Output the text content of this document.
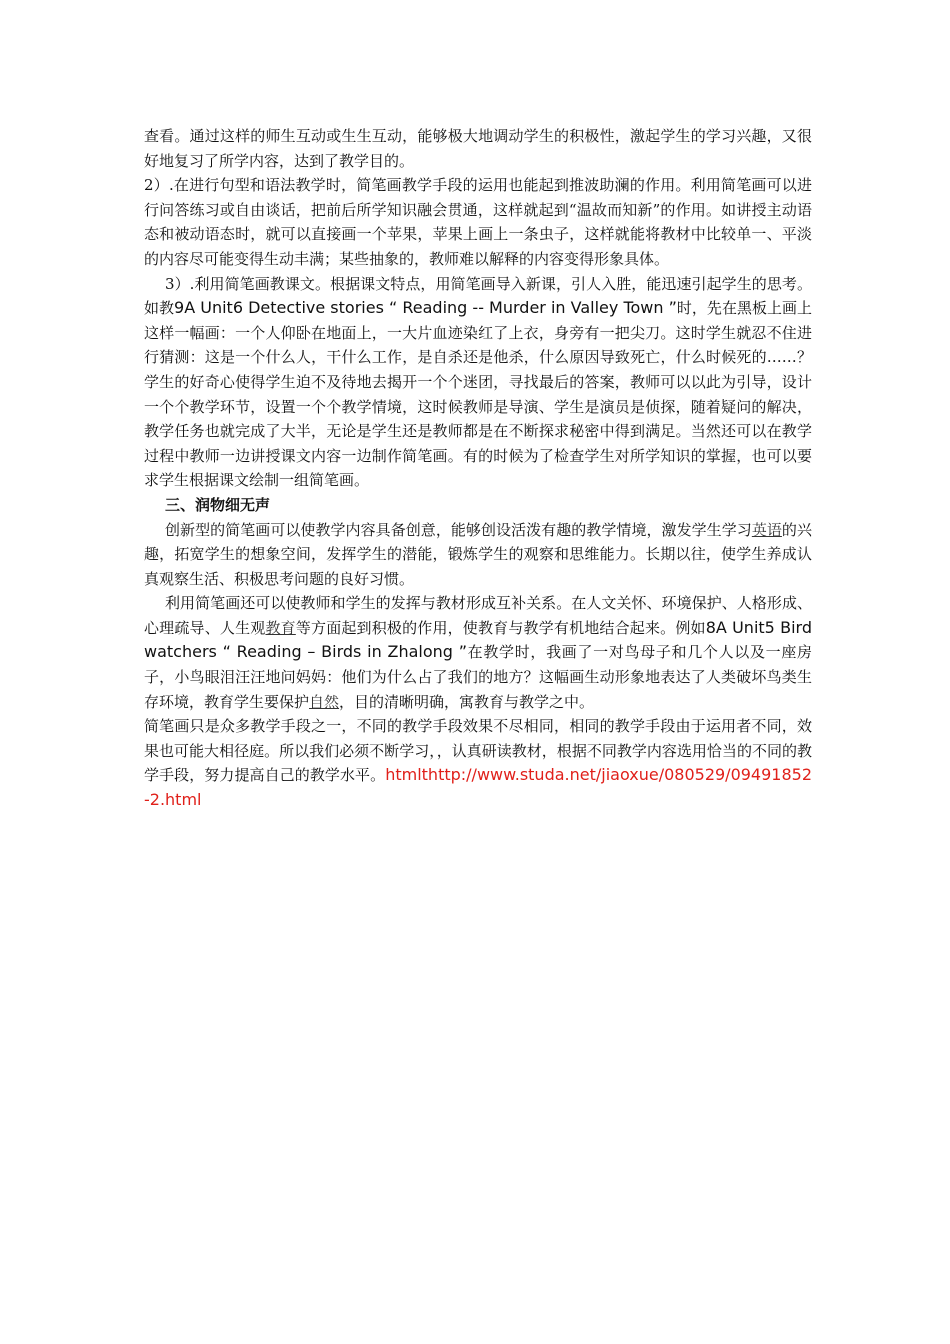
查看。通过这样的师生互动或生生互动，能够极大地调动学生的积极性，激起学生的学习兴趣，又很好地复习了所学内容，达到了教学目的。

2）.在进行句型和语法教学时，简笔画教学手段的运用也能起到推波助澜的作用。利用简笔画可以进行问答练习或自由谈话，把前后所学知识融会贯通，这样就起到“温故而知新”的作用。如讲授主动语态和被动语态时，就可以直接画一个苹果，苹果上画上一条虫子，这样就能将教材中比较单一、平淡的内容尽可能变得生动丰满；某些抽象的，教师难以解释的内容变得形象具体。

3）.利用简笔画教课文。根据课文特点，用简笔画导入新课，引人入胜，能迅速引起学生的思考。如教9A Unit6 Detective stories “ Reading -- Murder in Valley Town ”时，先在黑板上画上这样一幅画：一个人仰卧在地面上，一大片血迹染红了上衣，身旁有一把尖刀。这时学生就忍不住进行猜测：这是一个什么人，干什么工作，是自杀还是他杀，什么原因导致死亡，什么时候死的……？学生的好奇心使得学生迫不及待地去揭开一个个迷团，寻找最后的答案，教师可以以此为引导，设计一个个教学环节，设置一个个教学情境，这时候教师是导演、学生是演员是侦探，随着疑问的解决，教学任务也就完成了大半，无论是学生还是教师都是在不断探求秘密中得到满足。当然还可以在教学过程中教师一边讲授课文内容一边制作简笔画。有的时候为了检查学生对所学知识的掌握，也可以要求学生根据课文绘制一组简笔画。

三、润物细无声

创新型的简笔画可以使教学内容具备创意，能够创设活泼有趣的教学情境，激发学生学习英语的兴趣，拓宽学生的想象空间，发挥学生的潜能，锻炼学生的观察和思维能力。长期以往，使学生养成认真观察生活、积极思考问题的良好习惯。

利用简笔画还可以使教师和学生的发挥与教材形成互补关系。在人文关怀、环境保护、人格形成、心理疏导、人生观教育等方面起到积极的作用，使教育与教学有机地结合起来。例如8A Unit5 Birdwatchers “ Reading – Birds in Zhalong ”在教学时，我画了一对鸟母子和几个人以及一座房子，小鸟眼泪汪汪地问妈妈：他们为什么占了我们的地方？这幅画生动形象地表达了人类破坏鸟类生存环境，教育学生要保护自然，目的清晰明确，寓教育与教学之中。

简笔画只是众多教学手段之一，不同的教学手段效果不尽相同，相同的教学手段由于运用者不同，效果也可能大相径庭。所以我们必须不断学习，，认真研读教材，根据不同教学内容选用恰当的不同的教学手段，努力提高自己的教学水平。htmlthttp://www.studa.net/jiaoxue/080529/09491852-2.html
